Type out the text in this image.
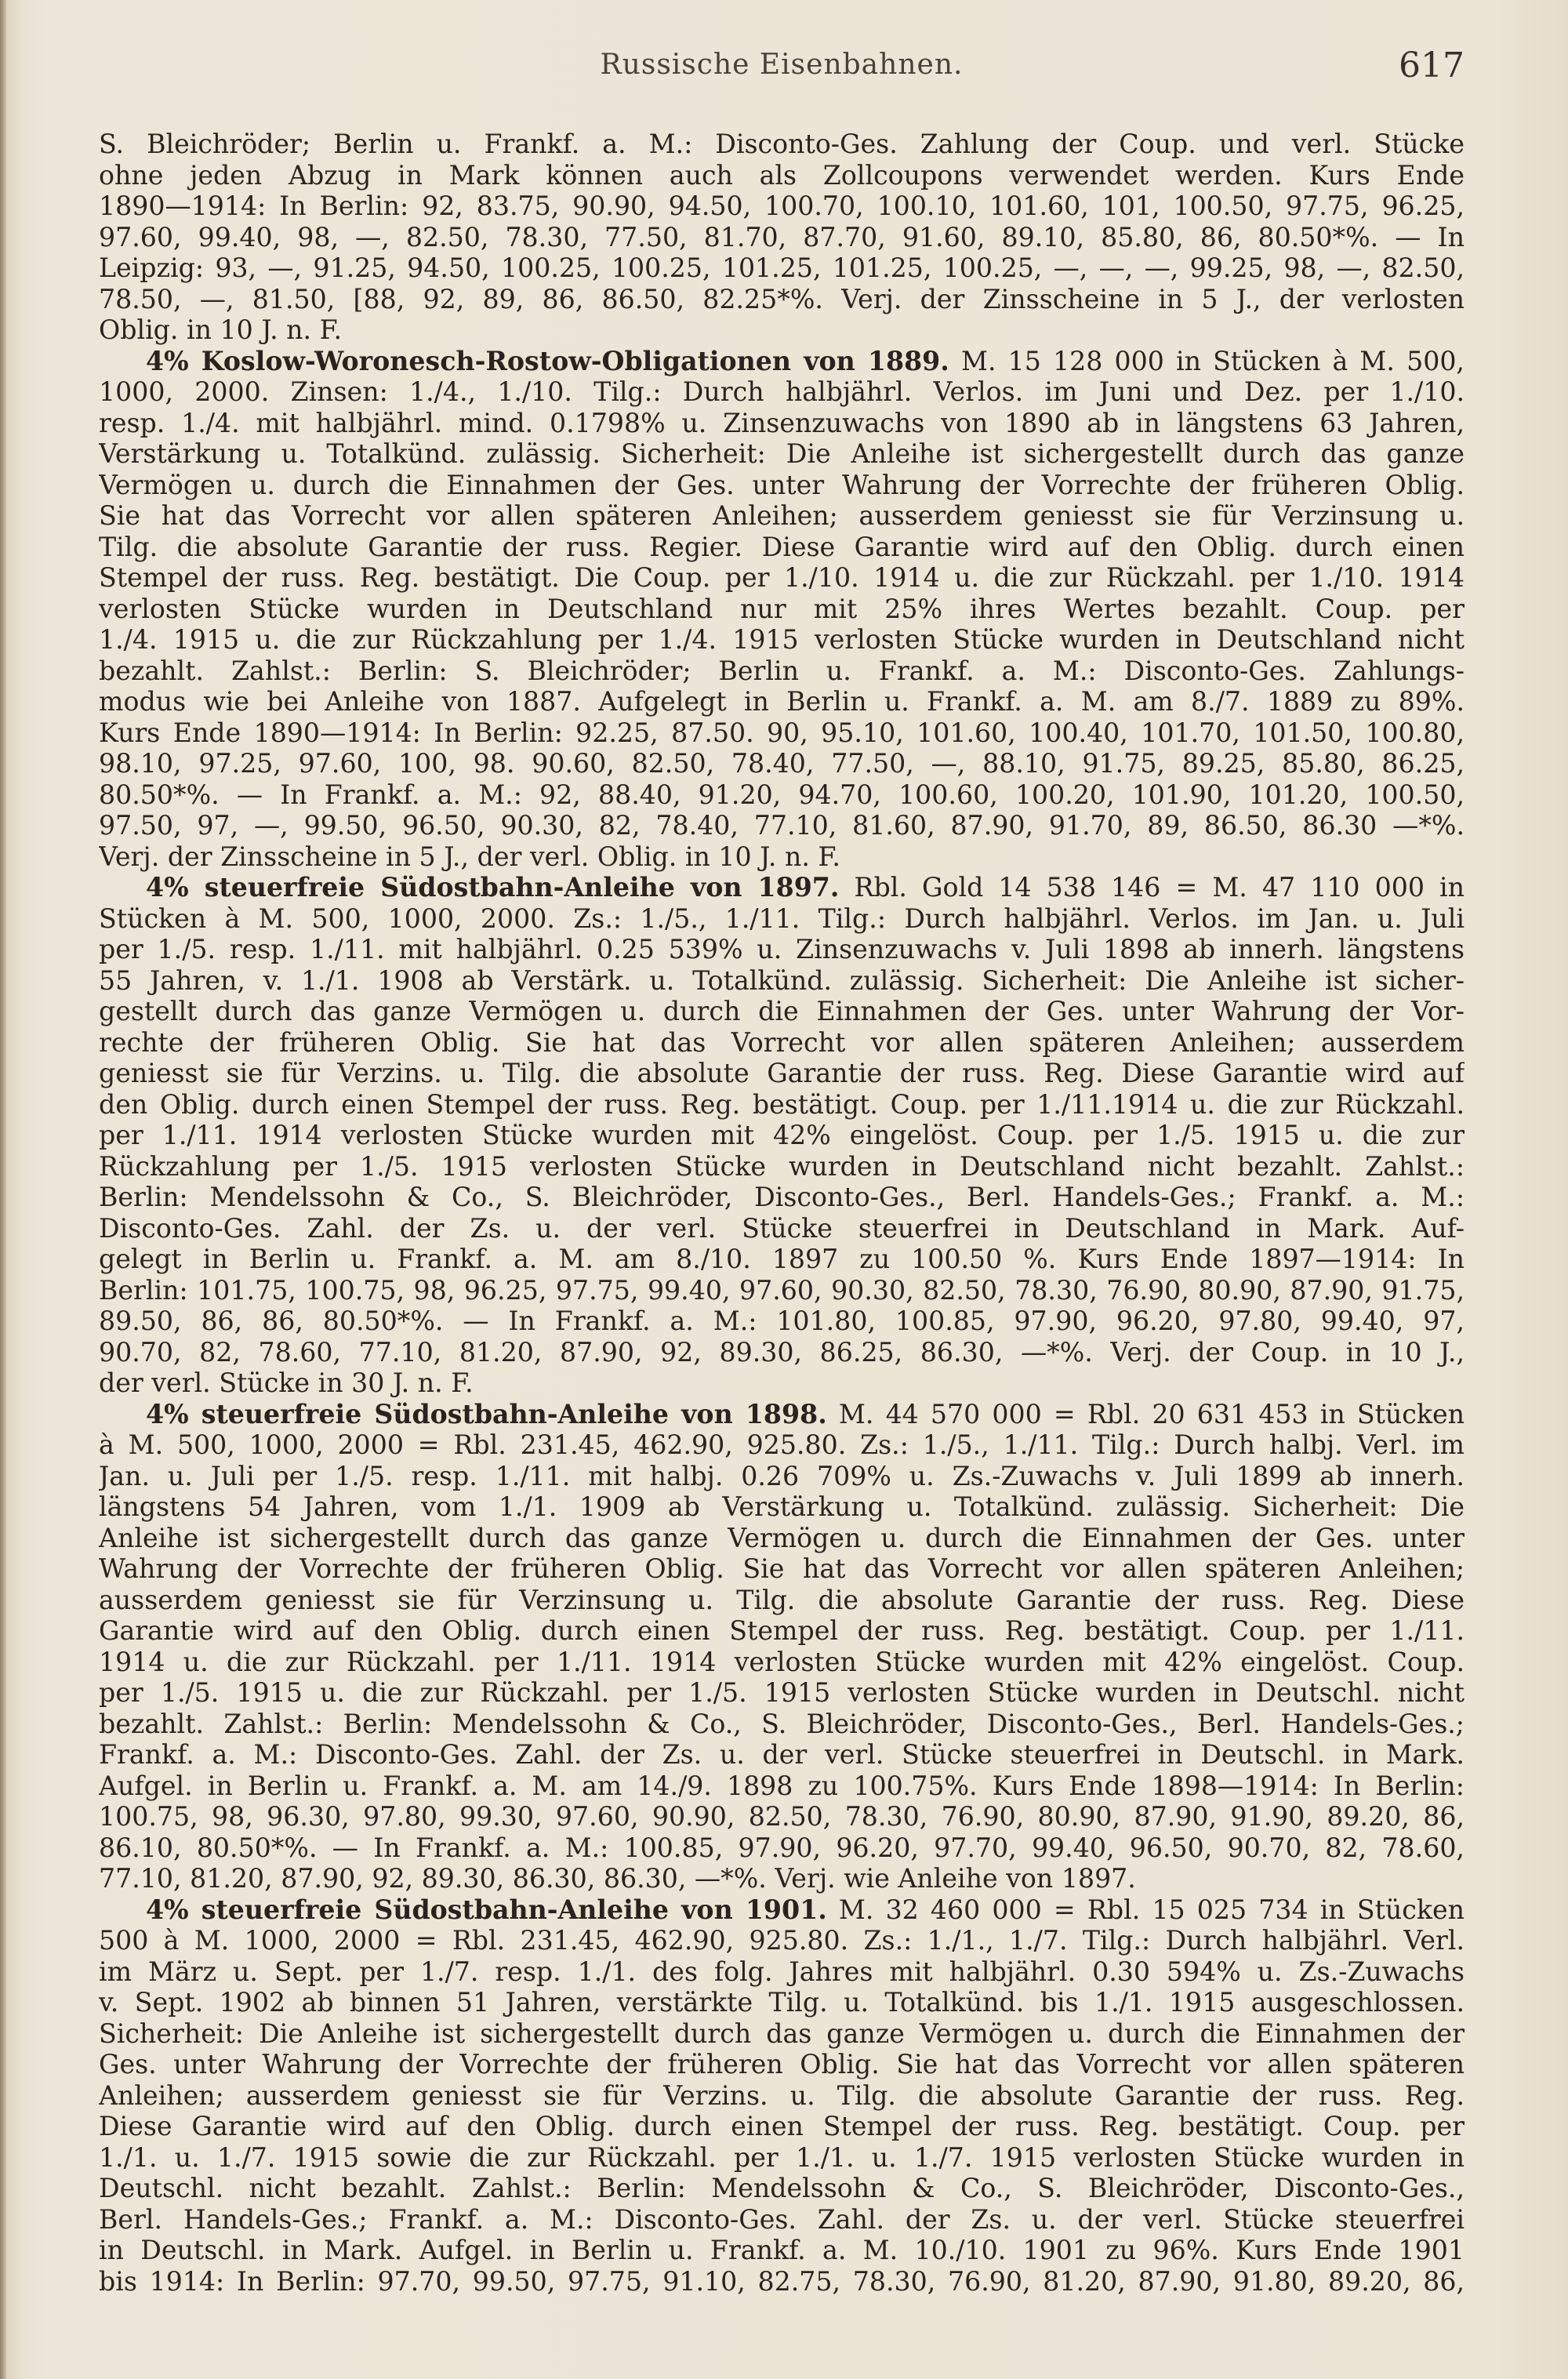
Russische Eisenbahnen.	617
S. Bleichröder; Berlin u. Frankf. a. M.: Disconto-Ges. Zahlung der Coup. und verl. Stücke
ohne jeden Abzug in Mark können auch als Zollcoupons verwendet werden. Kurs Ende
1890—1914: In Berlin: 92, 83.75, 90.90, 94.50, 100.70, 100.10, 101.60, 101, 100.50, 97.75, 96.25,
97.60, 99.40, 98, —, 82.50, 78.30, 77.50, 81.70, 87.70, 91.60, 89.10, 85.80, 86, 80.50*%. — In
Leipzig: 93, —, 91.25, 94.50, 100.25, 100.25, 101.25, 101.25, 100.25, —, —, —, 99.25, 98, —, 82.50,
78.50, —, 81.50, [88, 92, 89, 86, 86.50, 82.25*%. Verj. der Zinsscheine in 5 J., der verlosten
Oblig. in 10 J. n. F.
4% Koslow-Woronesch-Rostow-Obligationen von 1889. M. 15 128 000 in Stücken à M. 500,
1000, 2000. Zinsen: 1./4., 1./10. Tilg.: Durch halbjährl. Verlos. im Juni und Dez. per 1./10.
resp. 1./4. mit halbjährl. mind. 0.1798% u. Zinsenzuwachs von 1890 ab in längstens 63 Jahren,
Verstärkung u. Totalkünd. zulässig. Sicherheit: Die Anleihe ist sichergestellt durch das ganze
Vermögen u. durch die Einnahmen der Ges. unter Wahrung der Vorrechte der früheren Oblig.
Sie hat das Vorrecht vor allen späteren Anleihen; ausserdem geniesst sie für Verzinsung u.
Tilg. die absolute Garantie der russ. Regier. Diese Garantie wird auf den Oblig. durch einen
Stempel der russ. Reg. bestätigt. Die Coup. per 1./10. 1914 u. die zur Rückzahl. per 1./10. 1914
verlosten Stücke wurden in Deutschland nur mit 25% ihres Wertes bezahlt. Coup. per
1./4. 1915 u. die zur Rückzahlung per 1./4. 1915 verlosten Stücke wurden in Deutschland nicht
bezahlt. Zahlst.: Berlin: S. Bleichröder; Berlin u. Frankf. a. M.: Disconto-Ges. Zahlungs-
modus wie bei Anleihe von 1887. Aufgelegt in Berlin u. Frankf. a. M. am 8./7. 1889 zu 89%.
Kurs Ende 1890—1914: In Berlin: 92.25, 87.50. 90, 95.10, 101.60, 100.40, 101.70, 101.50, 100.80,
98.10, 97.25, 97.60, 100, 98. 90.60, 82.50, 78.40, 77.50, —, 88.10, 91.75, 89.25, 85.80, 86.25,
80.50*%. — In Frankf. a. M.: 92, 88.40, 91.20, 94.70, 100.60, 100.20, 101.90, 101.20, 100.50,
97.50, 97, —, 99.50, 96.50, 90.30, 82, 78.40, 77.10, 81.60, 87.90, 91.70, 89, 86.50, 86.30 —*%.
Verj. der Zinsscheine in 5 J., der verl. Oblig. in 10 J. n. F.
4% steuerfreie Südostbahn-Anleihe von 1897. Rbl. Gold 14 538 146 = M. 47 110 000 in
Stücken à M. 500, 1000, 2000. Zs.: 1./5., 1./11. Tilg.: Durch halbjährl. Verlos. im Jan. u. Juli
per 1./5. resp. 1./11. mit halbjährl. 0.25 539% u. Zinsenzuwachs v. Juli 1898 ab innerh. längstens
55 Jahren, v. 1./1. 1908 ab Verstärk. u. Totalkünd. zulässig. Sicherheit: Die Anleihe ist sicher-
gestellt durch das ganze Vermögen u. durch die Einnahmen der Ges. unter Wahrung der Vor-
rechte der früheren Oblig. Sie hat das Vorrecht vor allen späteren Anleihen; ausserdem
geniesst sie für Verzins. u. Tilg. die absolute Garantie der russ. Reg. Diese Garantie wird auf
den Oblig. durch einen Stempel der russ. Reg. bestätigt. Coup. per 1./11.1914 u. die zur Rückzahl.
per 1./11. 1914 verlosten Stücke wurden mit 42% eingelöst. Coup. per 1./5. 1915 u. die zur
Rückzahlung per 1./5. 1915 verlosten Stücke wurden in Deutschland nicht bezahlt. Zahlst.:
Berlin: Mendelssohn & Co., S. Bleichröder, Disconto-Ges., Berl. Handels-Ges.; Frankf. a. M.:
Disconto-Ges. Zahl. der Zs. u. der verl. Stücke steuerfrei in Deutschland in Mark. Auf-
gelegt in Berlin u. Frankf. a. M. am 8./10. 1897 zu 100.50 %. Kurs Ende 1897—1914: In
Berlin: 101.75, 100.75, 98, 96.25, 97.75, 99.40, 97.60, 90.30, 82.50, 78.30, 76.90, 80.90, 87.90, 91.75,
89.50, 86, 86, 80.50*%. — In Frankf. a. M.: 101.80, 100.85, 97.90, 96.20, 97.80, 99.40, 97,
90.70, 82, 78.60, 77.10, 81.20, 87.90, 92, 89.30, 86.25, 86.30, —*%. Verj. der Coup. in 10 J.,
der verl. Stücke in 30 J. n. F.
4% steuerfreie Südostbahn-Anleihe von 1898. M. 44 570 000 = Rbl. 20 631 453 in Stücken
à M. 500, 1000, 2000 = Rbl. 231.45, 462.90, 925.80. Zs.: 1./5., 1./11. Tilg.: Durch halbj. Verl. im
Jan. u. Juli per 1./5. resp. 1./11. mit halbj. 0.26 709% u. Zs.-Zuwachs v. Juli 1899 ab innerh.
längstens 54 Jahren, vom 1./1. 1909 ab Verstärkung u. Totalkünd. zulässig. Sicherheit: Die
Anleihe ist sichergestellt durch das ganze Vermögen u. durch die Einnahmen der Ges. unter
Wahrung der Vorrechte der früheren Oblig. Sie hat das Vorrecht vor allen späteren Anleihen;
ausserdem geniesst sie für Verzinsung u. Tilg. die absolute Garantie der russ. Reg. Diese
Garantie wird auf den Oblig. durch einen Stempel der russ. Reg. bestätigt. Coup. per 1./11.
1914 u. die zur Rückzahl. per 1./11. 1914 verlosten Stücke wurden mit 42% eingelöst. Coup.
per 1./5. 1915 u. die zur Rückzahl. per 1./5. 1915 verlosten Stücke wurden in Deutschl. nicht
bezahlt. Zahlst.: Berlin: Mendelssohn & Co., S. Bleichröder, Disconto-Ges., Berl. Handels-Ges.;
Frankf. a. M.: Disconto-Ges. Zahl. der Zs. u. der verl. Stücke steuerfrei in Deutschl. in Mark.
Aufgel. in Berlin u. Frankf. a. M. am 14./9. 1898 zu 100.75%. Kurs Ende 1898—1914: In Berlin:
100.75, 98, 96.30, 97.80, 99.30, 97.60, 90.90, 82.50, 78.30, 76.90, 80.90, 87.90, 91.90, 89.20, 86,
86.10, 80.50*%. — In Frankf. a. M.: 100.85, 97.90, 96.20, 97.70, 99.40, 96.50, 90.70, 82, 78.60,
77.10, 81.20, 87.90, 92, 89.30, 86.30, 86.30, —*%. Verj. wie Anleihe von 1897.
4% steuerfreie Südostbahn-Anleihe von 1901. M. 32 460 000 = Rbl. 15 025 734 in Stücken
500 à M. 1000, 2000 = Rbl. 231.45, 462.90, 925.80. Zs.: 1./1., 1./7. Tilg.: Durch halbjährl. Verl.
im März u. Sept. per 1./7. resp. 1./1. des folg. Jahres mit halbjährl. 0.30 594% u. Zs.-Zuwachs
v. Sept. 1902 ab binnen 51 Jahren, verstärkte Tilg. u. Totalkünd. bis 1./1. 1915 ausgeschlossen.
Sicherheit: Die Anleihe ist sichergestellt durch das ganze Vermögen u. durch die Einnahmen der
Ges. unter Wahrung der Vorrechte der früheren Oblig. Sie hat das Vorrecht vor allen späteren
Anleihen; ausserdem geniesst sie für Verzins. u. Tilg. die absolute Garantie der russ. Reg.
Diese Garantie wird auf den Oblig. durch einen Stempel der russ. Reg. bestätigt. Coup. per
1./1. u. 1./7. 1915 sowie die zur Rückzahl. per 1./1. u. 1./7. 1915 verlosten Stücke wurden in
Deutschl. nicht bezahlt. Zahlst.: Berlin: Mendelssohn & Co., S. Bleichröder, Disconto-Ges.,
Berl. Handels-Ges.; Frankf. a. M.: Disconto-Ges. Zahl. der Zs. u. der verl. Stücke steuerfrei
in Deutschl. in Mark. Aufgel. in Berlin u. Frankf. a. M. 10./10. 1901 zu 96%. Kurs Ende 1901
bis 1914: In Berlin: 97.70, 99.50, 97.75, 91.10, 82.75, 78.30, 76.90, 81.20, 87.90, 91.80, 89.20, 86,
